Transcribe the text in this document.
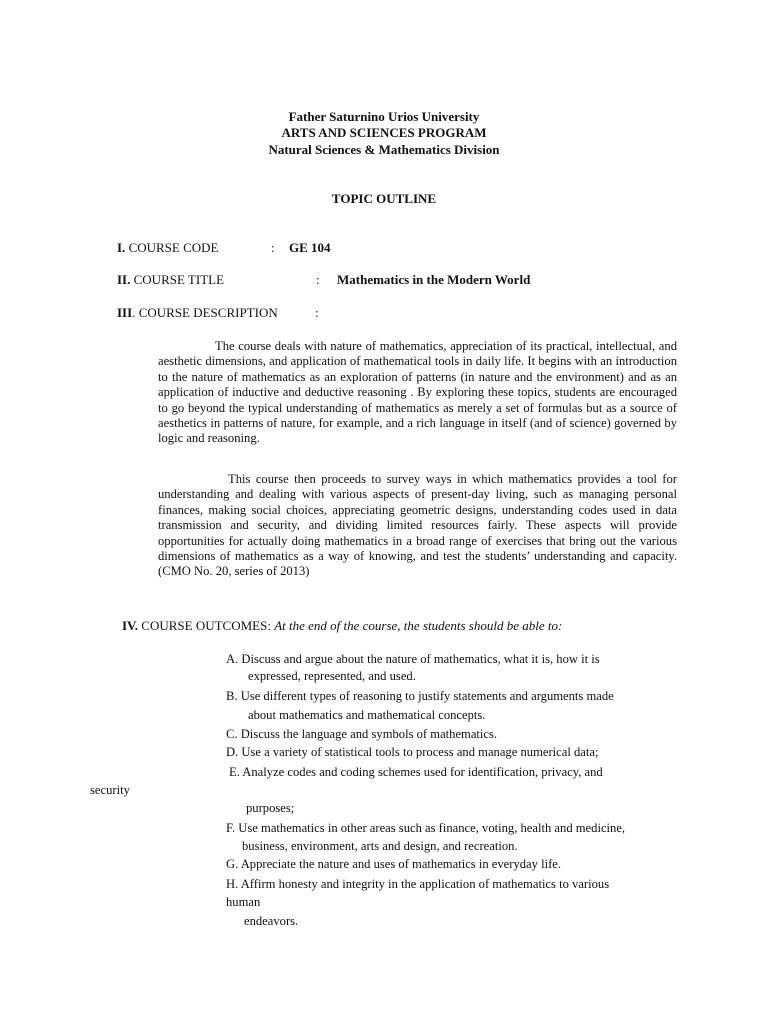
Father Saturnino Urios University
ARTS AND SCIENCES PROGRAM
Natural Sciences & Mathematics Division
TOPIC OUTLINE
I. COURSE CODE	: GE 104
II. COURSE TITLE	: Mathematics in the Modern World
III. COURSE DESCRIPTION	:
The course deals with nature of mathematics, appreciation of its practical, intellectual, and aesthetic dimensions, and application of mathematical tools in daily life. It begins with an introduction to the nature of mathematics as an exploration of patterns (in nature and the environment) and as an application of inductive and deductive reasoning . By exploring these topics, students are encouraged to go beyond the typical understanding of mathematics as merely a set of formulas but as a source of aesthetics in patterns of nature, for example, and a rich language in itself (and of science) governed by logic and reasoning.
This course then proceeds to survey ways in which mathematics provides a tool for understanding and dealing with various aspects of present-day living, such as managing personal finances, making social choices, appreciating geometric designs, understanding codes used in data transmission and security, and dividing limited resources fairly. These aspects will provide opportunities for actually doing mathematics in a broad range of exercises that bring out the various dimensions of mathematics as a way of knowing, and test the students’ understanding and capacity. (CMO No. 20, series of 2013)
IV. COURSE OUTCOMES: At the end of the course, the students should be able to:
A. Discuss and argue about the nature of mathematics, what it is, how it is
expressed, represented, and used.
B. Use different types of reasoning to justify statements and arguments made
about mathematics and mathematical concepts.
C. Discuss the language and symbols of mathematics.
D. Use a variety of statistical tools to process and manage numerical data;
E. Analyze codes and coding schemes used for identification, privacy, and
security
purposes;
F. Use mathematics in other areas such as finance, voting, health and medicine,
business, environment, arts and design, and recreation.
G. Appreciate the nature and uses of mathematics in everyday life.
H. Affirm honesty and integrity in the application of mathematics to various
human
endeavors.
